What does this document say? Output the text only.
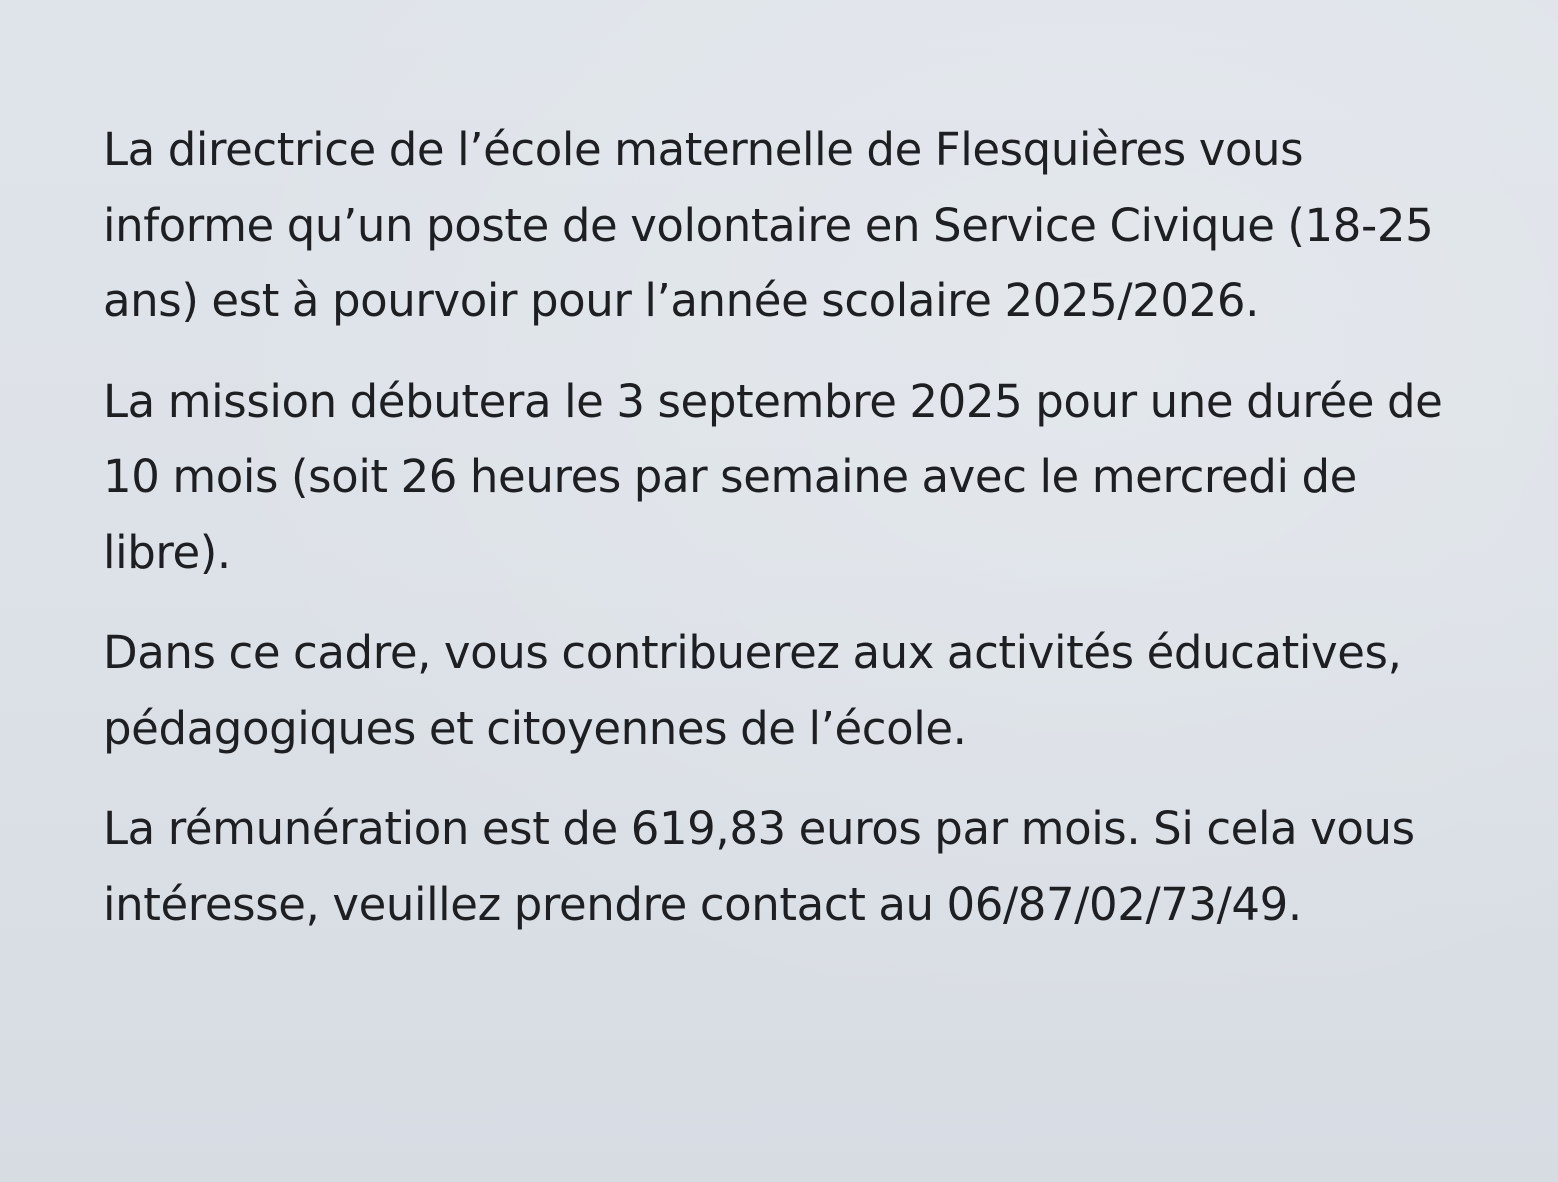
La directrice de l’école maternelle de Flesquières vous
informe qu’un poste de volontaire en Service Civique (18-25
ans) est à pourvoir pour l’année scolaire 2025/2026.

La mission débutera le 3 septembre 2025 pour une durée de
10 mois (soit 26 heures par semaine avec le mercredi de
libre).

Dans ce cadre, vous contribuerez aux activités éducatives,
pédagogiques et citoyennes de l’école.

La rémunération est de 619,83 euros par mois. Si cela vous
intéresse, veuillez prendre contact au 06/87/02/73/49.
